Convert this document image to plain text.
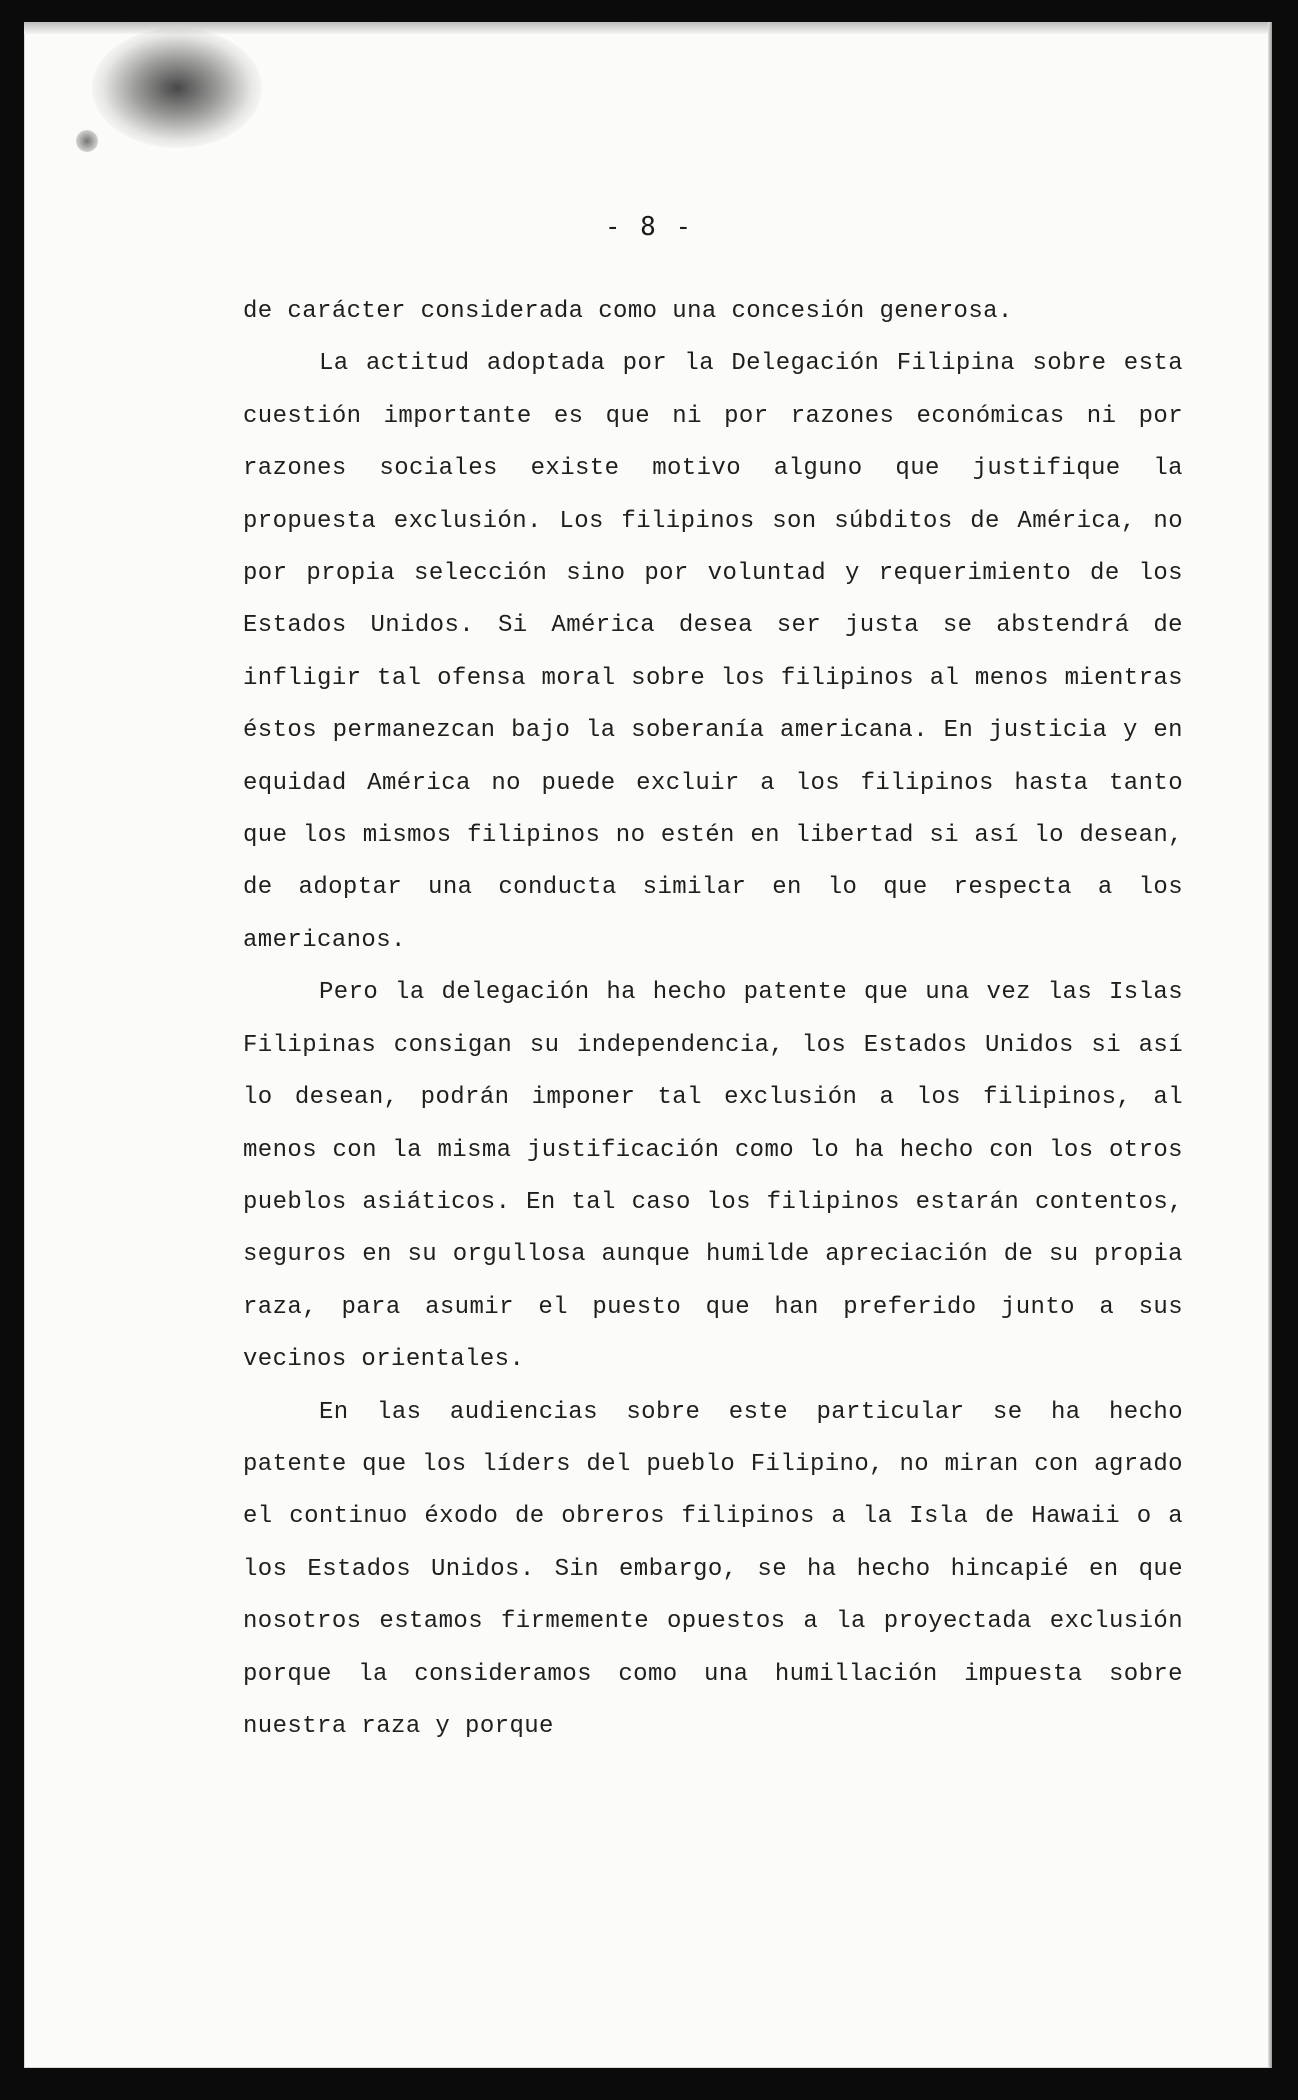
- 8 -

de carácter considerada como una concesión generosa.

La actitud adoptada por la Delegación Filipina sobre esta cuestión importante es que ni por razones económicas ni por razones sociales existe motivo alguno que justifique la propuesta exclusión. Los filipinos son súbditos de América, no por propia selección sino por voluntad y requerimiento de los Estados Unidos. Si América desea ser justa se abstendrá de infligir tal ofensa moral sobre los filipinos al menos mientras éstos permanezcan bajo la soberanía americana. En justicia y en equidad América no puede excluir a los filipinos hasta tanto que los mismos filipinos no estén en libertad si así lo desean, de adoptar una conducta similar en lo que respecta a los americanos.

Pero la delegación ha hecho patente que una vez las Islas Filipinas consigan su independencia, los Estados Unidos si así lo desean, podrán imponer tal exclusión a los filipinos, al menos con la misma justificación como lo ha hecho con los otros pueblos asiáticos. En tal caso los filipinos estarán contentos, seguros en su orgullosa aunque humilde apreciación de su propia raza, para asumir el puesto que han preferido junto a sus vecinos orientales.

En las audiencias sobre este particular se ha hecho patente que los líders del pueblo Filipino, no miran con agrado el continuo éxodo de obreros filipinos a la Isla de Hawaii o a los Estados Unidos. Sin embargo, se ha hecho hincapié en que nosotros estamos firmemente opuestos a la proyectada exclusión porque la consideramos como una humillación impuesta sobre nuestra raza y porque
